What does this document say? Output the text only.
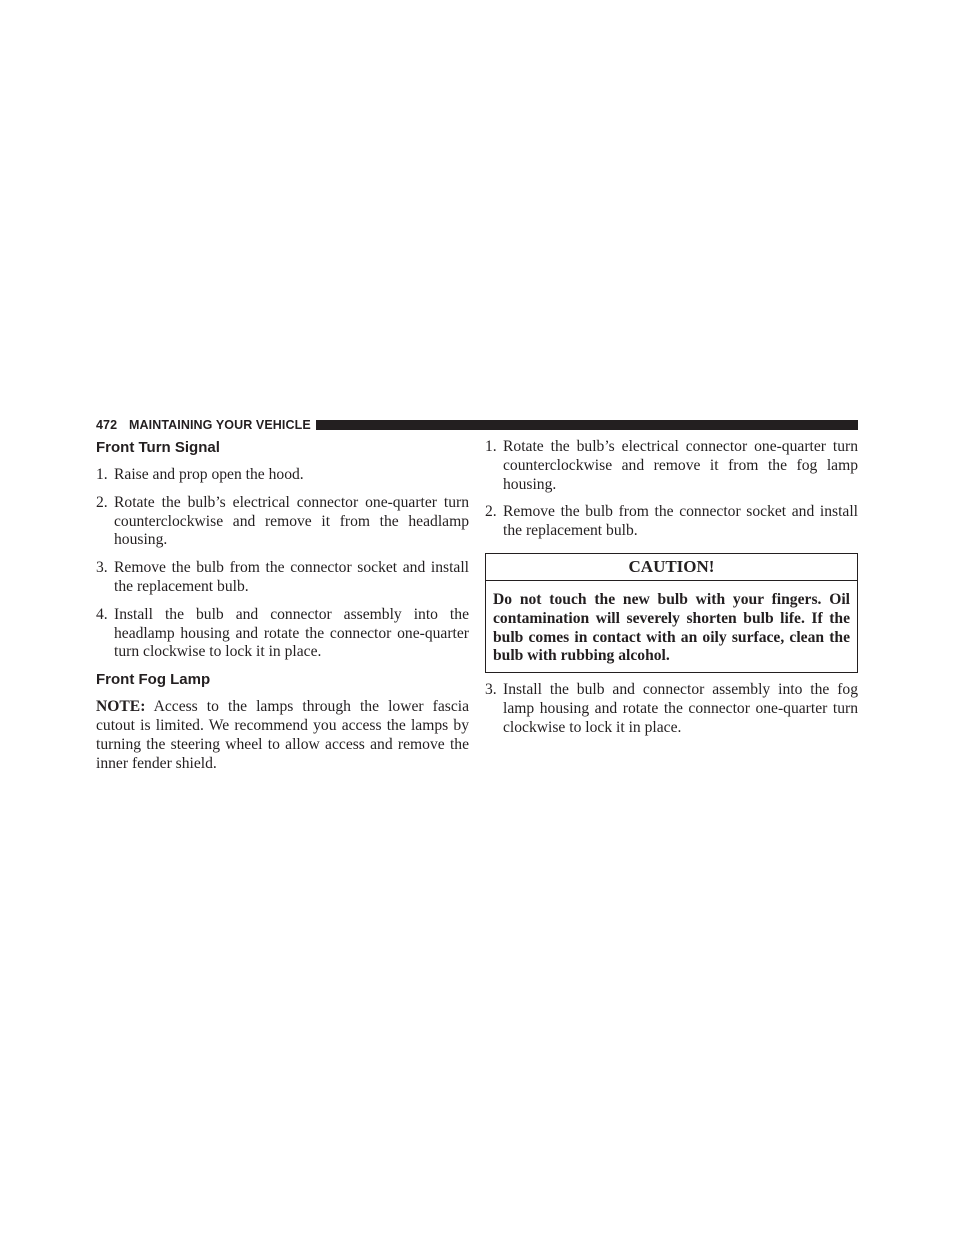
472 MAINTAINING YOUR VEHICLE
Front Turn Signal
1. Raise and prop open the hood.
2. Rotate the bulb’s electrical connector one-quarter turn counterclockwise and remove it from the headlamp housing.
3. Remove the bulb from the connector socket and install the replacement bulb.
4. Install the bulb and connector assembly into the headlamp housing and rotate the connector one-quarter turn clockwise to lock it in place.
Front Fog Lamp

NOTE: Access to the lamps through the lower fascia cutout is limited. We recommend you access the lamps by turning the steering wheel to allow access and remove the inner fender shield.

1. Rotate the bulb’s electrical connector one-quarter turn counterclockwise and remove it from the fog lamp housing.
2. Remove the bulb from the connector socket and install the replacement bulb.
CAUTION!
Do not touch the new bulb with your fingers. Oil contamination will severely shorten bulb life. If the bulb comes in contact with an oily surface, clean the bulb with rubbing alcohol.
3. Install the bulb and connector assembly into the fog lamp housing and rotate the connector one-quarter turn clockwise to lock it in place.
